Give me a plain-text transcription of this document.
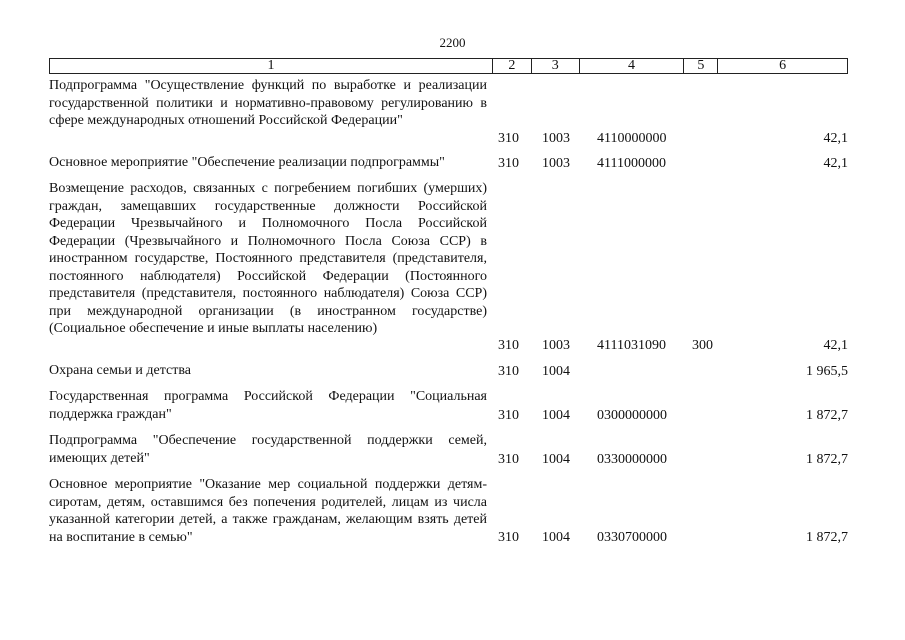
2200
1	2	3	4	5	6
Подпрограмма "Осуществление функций по выработке и реализации государственной политики и нормативно-правовому регулированию в сфере международных отношений Российской Федерации"
310 1003 4110000000	42,1
Основное мероприятие "Обеспечение реализации подпрограммы"	310 1003 4111000000	42,1
Возмещение расходов, связанных с погребением погибших (умерших) граждан, замещавших государственные должности Российской Федерации Чрезвычайного и Полномочного Посла Российской Федерации (Чрезвычайного и Полномочного Посла Союза ССР) в иностранном государстве, Постоянного представителя (представителя, постоянного наблюдателя) Российской Федерации (Постоянного представителя (представителя, постоянного наблюдателя) Союза ССР) при международной организации (в иностранном государстве) (Социальное обеспечение и иные выплаты населению)
310 1003 4111031090 300	42,1
Охрана семьи и детства	310 1004	1 965,5
Государственная программа Российской Федерации "Социальная поддержка граждан"	310 1004 0300000000	1 872,7
Подпрограмма "Обеспечение государственной поддержки семей, имеющих детей"	310 1004 0330000000	1 872,7
Основное мероприятие "Оказание мер социальной поддержки детям-сиротам, детям, оставшимся без попечения родителей, лицам из числа указанной категории детей, а также гражданам, желающим взять детей на воспитание в семью"	310 1004 0330700000	1 872,7
